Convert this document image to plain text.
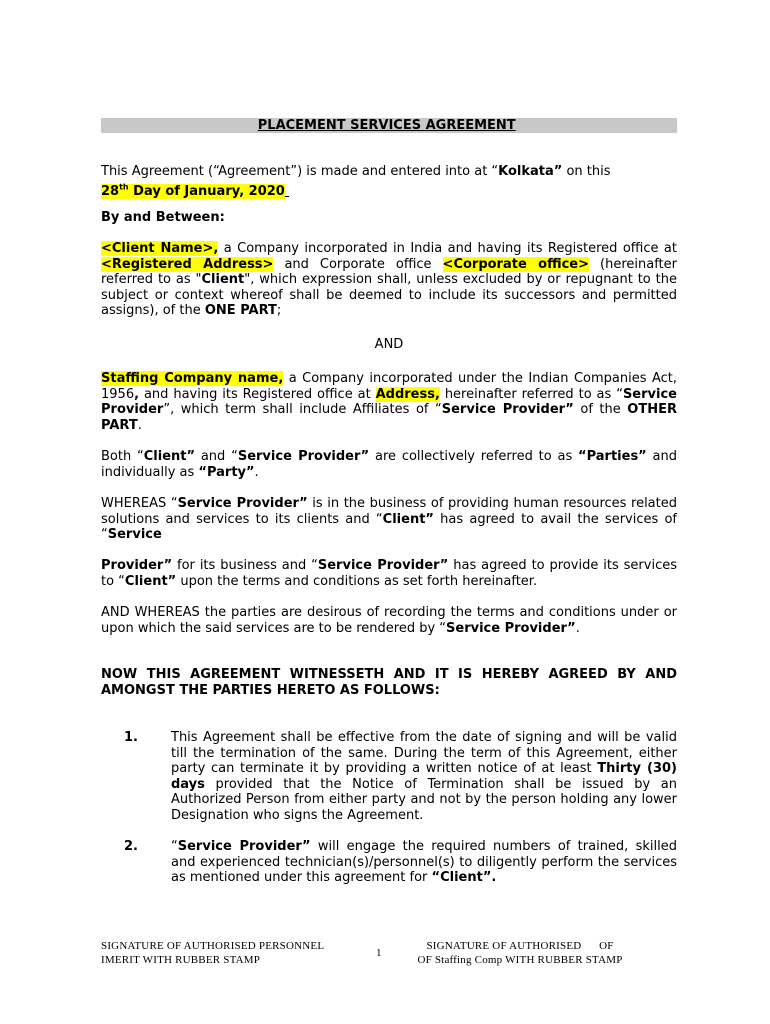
PLACEMENT SERVICES AGREEMENT
This Agreement (“Agreement”) is made and entered into at “Kolkata” on this
28th Day of January, 2020
By and Between:
<Client Name>, a Company incorporated in India and having its Registered office at <Registered Address> and Corporate office <Corporate office> (hereinafter referred to as "Client", which expression shall, unless excluded by or repugnant to the subject or context whereof shall be deemed to include its successors and permitted assigns), of the ONE PART;
AND
Staffing Company name, a Company incorporated under the Indian Companies Act, 1956, and having its Registered office at Address, hereinafter referred to as “Service Provider”, which term shall include Affiliates of “Service Provider” of the OTHER PART.
Both “Client” and “Service Provider” are collectively referred to as “Parties” and individually as “Party”.
WHEREAS “Service Provider” is in the business of providing human resources related solutions and services to its clients and “Client” has agreed to avail the services of “Service
Provider” for its business and “Service Provider” has agreed to provide its services to “Client” upon the terms and conditions as set forth hereinafter.
AND WHEREAS the parties are desirous of recording the terms and conditions under or upon which the said services are to be rendered by “Service Provider”.
NOW THIS AGREEMENT WITNESSETH AND IT IS HEREBY AGREED BY AND AMONGST THE PARTIES HERETO AS FOLLOWS:
1.	This Agreement shall be effective from the date of signing and will be valid till the termination of the same. During the term of this Agreement, either party can terminate it by providing a written notice of at least Thirty (30) days provided that the Notice of Termination shall be issued by an Authorized Person from either party and not by the person holding any lower Designation who signs the Agreement.
2.	“Service Provider” will engage the required numbers of trained, skilled and experienced technician(s)/personnel(s) to diligently perform the services as mentioned under this agreement for “Client”.
SIGNATURE OF AUTHORISED PERSONNEL
IMERIT WITH RUBBER STAMP
1
SIGNATURE OF AUTHORISED      OF
OF Staffing Comp WITH RUBBER STAMP
